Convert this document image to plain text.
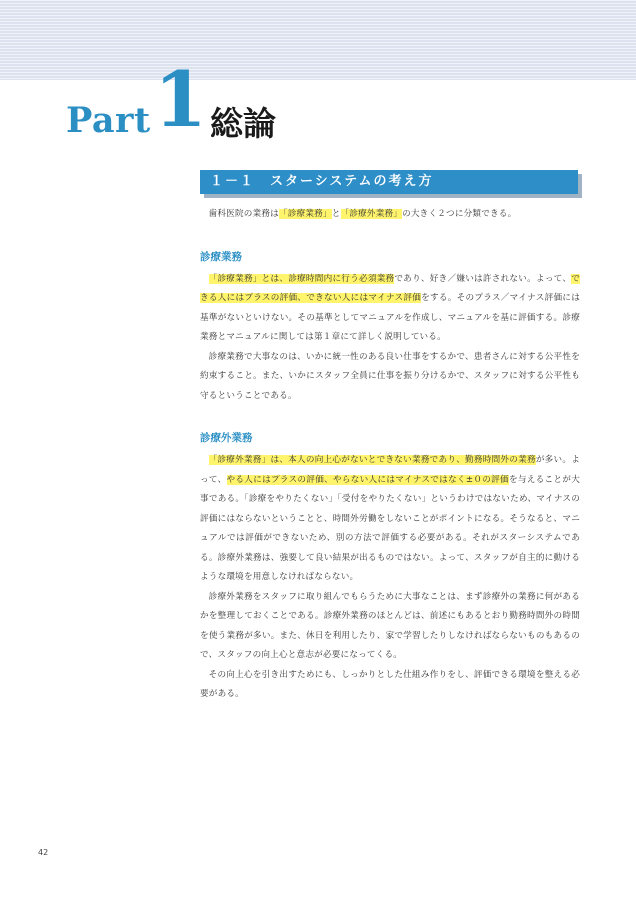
Part 1 総論
１－１　スターシステムの考え方

歯科医院の業務は「診療業務」と「診療外業務」の大きく２つに分類できる。

診療業務

「診療業務」とは、診療時間内に行う必須業務であり、好き／嫌いは許されない。よって、できる人にはプラスの評価、できない人にはマイナス評価をする。そのプラス／マイナス評価には基準がないといけない。その基準としてマニュアルを作成し、マニュアルを基に評価する。診療業務とマニュアルに関しては第１章にて詳しく説明している。

診療業務で大事なのは、いかに統一性のある良い仕事をするかで、患者さんに対する公平性を約束すること。また、いかにスタッフ全員に仕事を振り分けるかで、スタッフに対する公平性も守るということである。

診療外業務

「診療外業務」は、本人の向上心がないとできない業務であり、勤務時間外の業務が多い。よって、やる人にはプラスの評価、やらない人にはマイナスではなく±０の評価を与えることが大事である。「診療をやりたくない」「受付をやりたくない」というわけではないため、マイナスの評価にはならないということと、時間外労働をしないことがポイントになる。そうなると、マニュアルでは評価ができないため、別の方法で評価する必要がある。それがスターシステムである。診療外業務は、強要して良い結果が出るものではない。よって、スタッフが自主的に動けるような環境を用意しなければならない。

診療外業務をスタッフに取り組んでもらうために大事なことは、まず診療外の業務に何があるかを整理しておくことである。診療外業務のほとんどは、前述にもあるとおり勤務時間外の時間を使う業務が多い。また、休日を利用したり、家で学習したりしなければならないものもあるので、スタッフの向上心と意志が必要になってくる。

その向上心を引き出すためにも、しっかりとした仕組み作りをし、評価できる環境を整える必要がある。

42
